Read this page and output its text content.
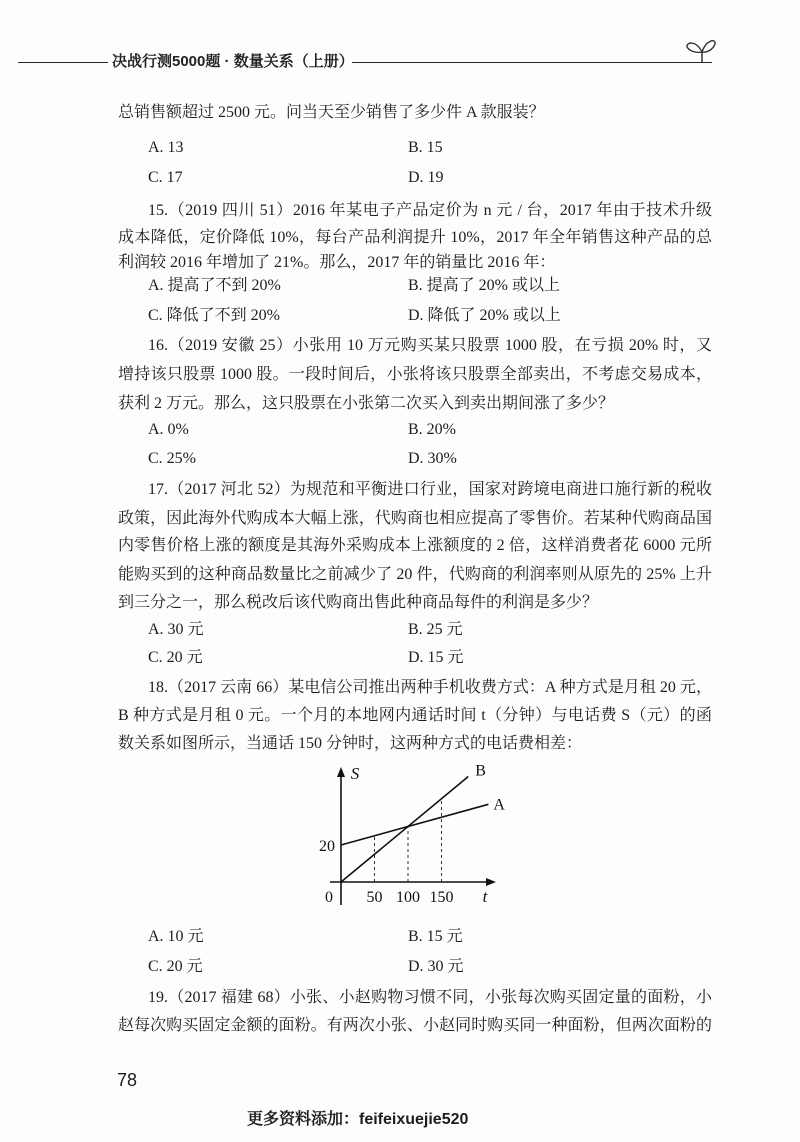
决战行测5000题 · 数量关系（上册）
总销售额超过 2500 元。问当天至少销售了多少件 A 款服装？
A. 13	B. 15
C. 17	D. 19
15.（2019 四川 51）2016 年某电子产品定价为 n 元 / 台，2017 年由于技术升级
成本降低，定价降低 10%，每台产品利润提升 10%，2017 年全年销售这种产品的总
利润较 2016 年增加了 21%。那么，2017 年的销量比 2016 年：
A. 提高了不到 20%	B. 提高了 20% 或以上
C. 降低了不到 20%	D. 降低了 20% 或以上
16.（2019 安徽 25）小张用 10 万元购买某只股票 1000 股，在亏损 20% 时，又
增持该只股票 1000 股。一段时间后，小张将该只股票全部卖出，不考虑交易成本，
获利 2 万元。那么，这只股票在小张第二次买入到卖出期间涨了多少？
A. 0%	B. 20%
C. 25%	D. 30%
17.（2017 河北 52）为规范和平衡进口行业，国家对跨境电商进口施行新的税收
政策，因此海外代购成本大幅上涨，代购商也相应提高了零售价。若某种代购商品国
内零售价格上涨的额度是其海外采购成本上涨额度的 2 倍，这样消费者花 6000 元所
能购买到的这种商品数量比之前减少了 20 件，代购商的利润率则从原先的 25% 上升
到三分之一，那么税改后该代购商出售此种商品每件的利润是多少？
A. 30 元	B. 25 元
C. 20 元	D. 15 元
18.（2017 云南 66）某电信公司推出两种手机收费方式：A 种方式是月租 20 元，
B 种方式是月租 0 元。一个月的本地网内通话时间 t（分钟）与电话费 S（元）的函
数关系如图所示，当通话 150 分钟时，这两种方式的电话费相差：
A
B
50 100 150
20
0	t
S
A. 10 元	B. 15 元
C. 20 元	D. 30 元
19.（2017 福建 68）小张、小赵购物习惯不同，小张每次购买固定量的面粉，小
赵每次购买固定金额的面粉。有两次小张、小赵同时购买同一种面粉，但两次面粉的
78
更多资料添加：feifeixuejie520
